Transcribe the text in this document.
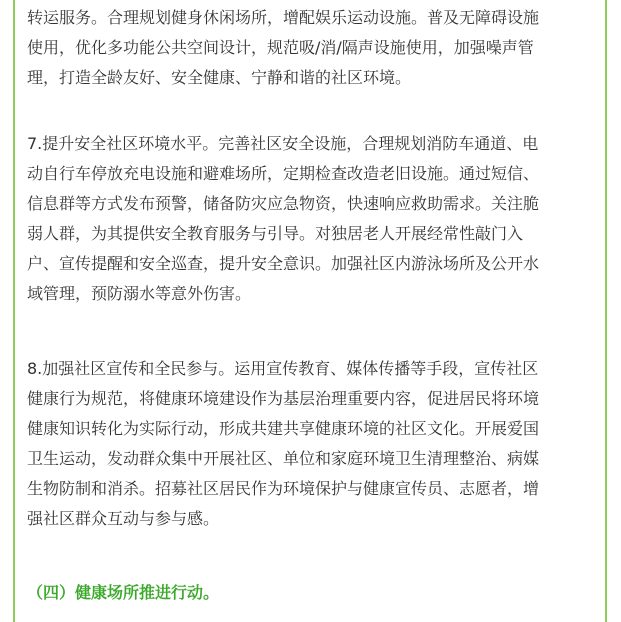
转运服务。合理规划健身休闲场所，增配娱乐运动设施。普及无障碍设施
使用，优化多功能公共空间设计，规范吸/消/隔声设施使用，加强噪声管
理，打造全龄友好、安全健康、宁静和谐的社区环境。
7.提升安全社区环境水平。完善社区安全设施，合理规划消防车通道、电
动自行车停放充电设施和避难场所，定期检查改造老旧设施。通过短信、
信息群等方式发布预警，储备防灾应急物资，快速响应救助需求。关注脆
弱人群，为其提供安全教育服务与引导。对独居老人开展经常性敲门入
户、宣传提醒和安全巡查，提升安全意识。加强社区内游泳场所及公开水
域管理，预防溺水等意外伤害。
8.加强社区宣传和全民参与。运用宣传教育、媒体传播等手段，宣传社区
健康行为规范，将健康环境建设作为基层治理重要内容，促进居民将环境
健康知识转化为实际行动，形成共建共享健康环境的社区文化。开展爱国
卫生运动，发动群众集中开展社区、单位和家庭环境卫生清理整治、病媒
生物防制和消杀。招募社区居民作为环境保护与健康宣传员、志愿者，增
强社区群众互动与参与感。
（四）健康场所推进行动。
